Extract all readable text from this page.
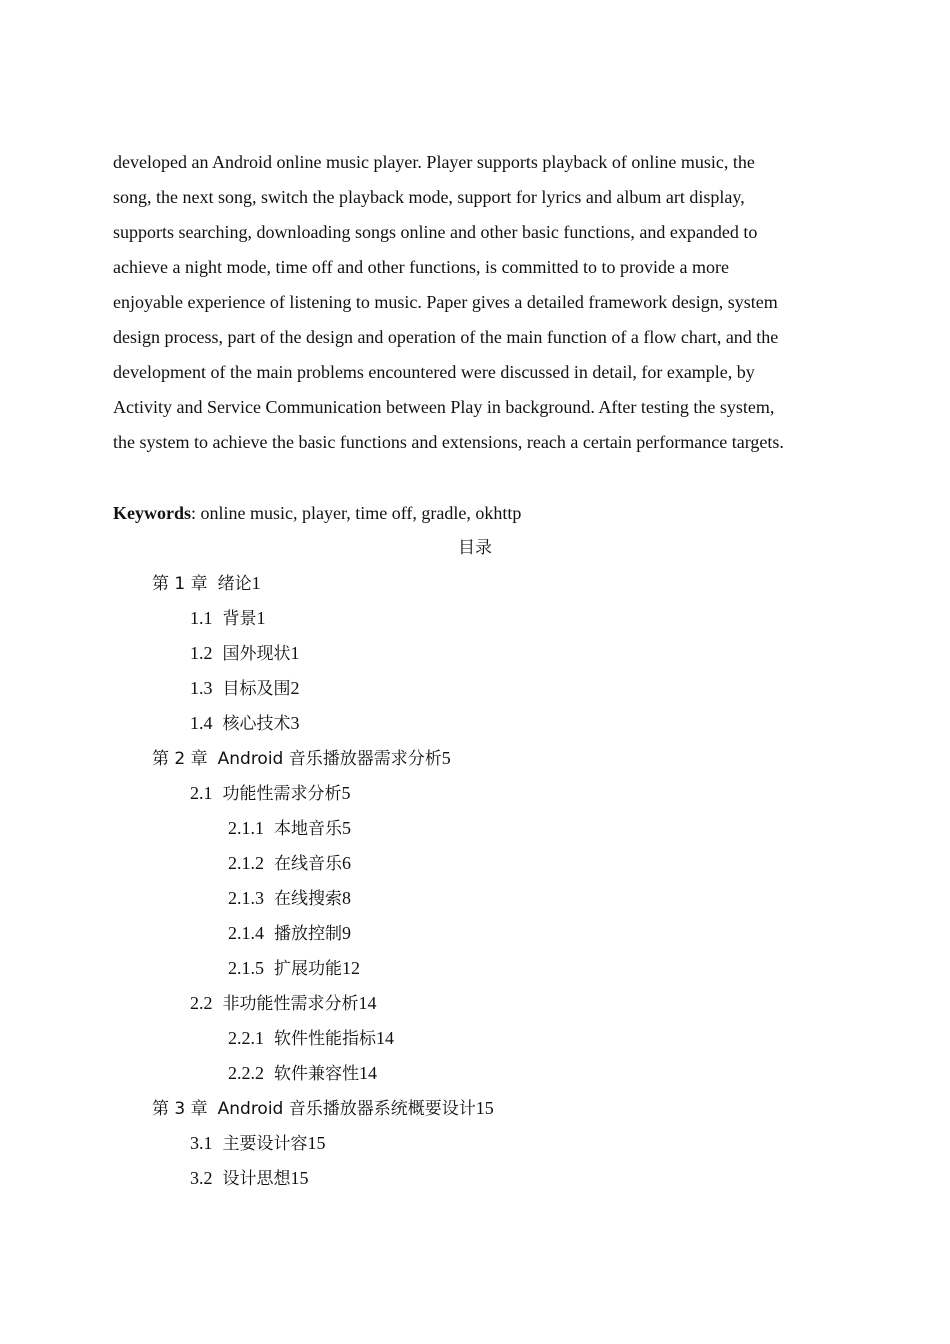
developed an Android online music player. Player supports playback of online music, the
song, the next song, switch the playback mode, support for lyrics and album art display,
supports searching, downloading songs online and other basic functions, and expanded to
achieve a night mode, time off and other functions, is committed to to provide a more
enjoyable experience of listening to music. Paper gives a detailed framework design, system
design process, part of the design and operation of the main function of a flow chart, and the
development of the main problems encountered were discussed in detail, for example, by
Activity and Service Communication between Play in background. After testing the system,
the system to achieve the basic functions and extensions, reach a certain performance targets.
Keywords: online music, player, time off, gradle, okhttp
目录
第 1 章 绪论1
1.1 背景1
1.2 国外现状1
1.3 目标及围2
1.4 核心技术3
第 2 章 Android 音乐播放器需求分析5
2.1 功能性需求分析5
2.1.1 本地音乐5
2.1.2 在线音乐6
2.1.3 在线搜索8
2.1.4 播放控制9
2.1.5 扩展功能12
2.2 非功能性需求分析14
2.2.1 软件性能指标14
2.2.2 软件兼容性14
第 3 章 Android 音乐播放器系统概要设计15
3.1 主要设计容15
3.2 设计思想15
